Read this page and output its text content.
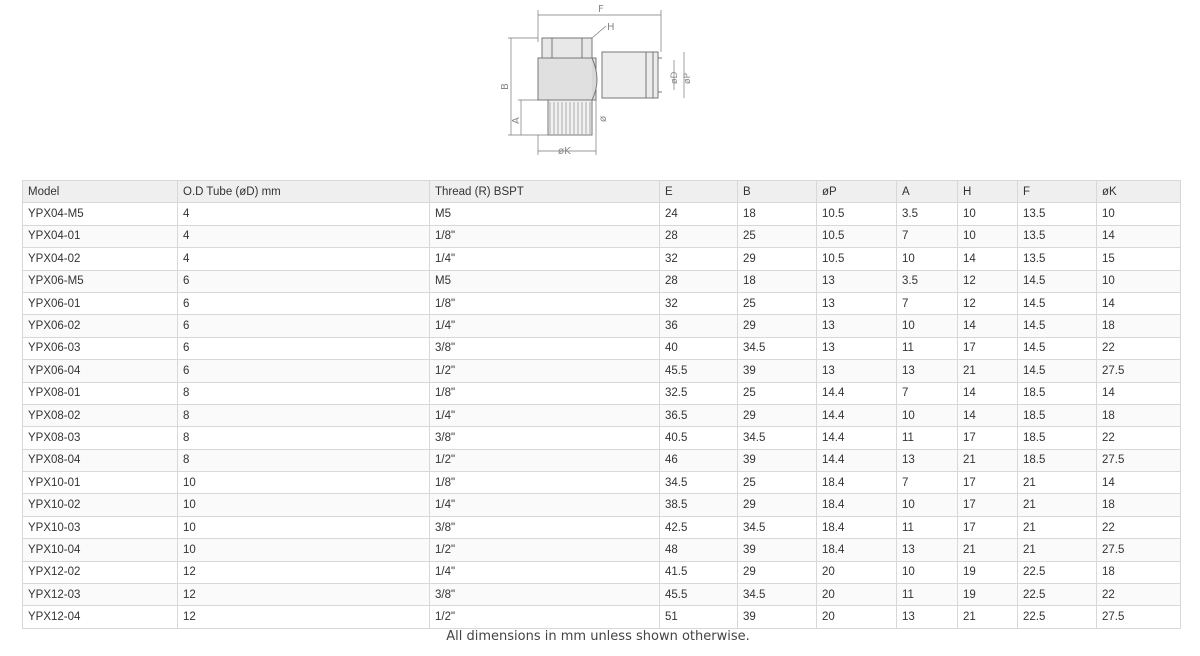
F
H
B
A	ø
øD øP
øK
Model	O.D Tube (øD) mm	Thread (R) BSPT	E	B	øP	A	H	F	øK
YPX04-M5	4	M5	24	18	10.5	3.5	10	13.5	10
YPX04-01	4	1/8"	28	25	10.5	7	10	13.5	14
YPX04-02	4	1/4"	32	29	10.5	10	14	13.5	15
YPX06-M5	6	M5	28	18	13	3.5	12	14.5	10
YPX06-01	6	1/8"	32	25	13	7	12	14.5	14
YPX06-02	6	1/4"	36	29	13	10	14	14.5	18
YPX06-03	6	3/8"	40	34.5	13	11	17	14.5	22
YPX06-04	6	1/2"	45.5	39	13	13	21	14.5	27.5
YPX08-01	8	1/8"	32.5	25	14.4	7	14	18.5	14
YPX08-02	8	1/4"	36.5	29	14.4	10	14	18.5	18
YPX08-03	8	3/8"	40.5	34.5	14.4	11	17	18.5	22
YPX08-04	8	1/2"	46	39	14.4	13	21	18.5	27.5
YPX10-01	10	1/8"	34.5	25	18.4	7	17	21	14
YPX10-02	10	1/4"	38.5	29	18.4	10	17	21	18
YPX10-03	10	3/8"	42.5	34.5	18.4	11	17	21	22
YPX10-04	10	1/2"	48	39	18.4	13	21	21	27.5
YPX12-02	12	1/4"	41.5	29	20	10	19	22.5	18
YPX12-03	12	3/8"	45.5	34.5	20	11	19	22.5	22
YPX12-04	12	1/2"	51	39	20	13	21	22.5	27.5
All dimensions in mm unless shown otherwise.
